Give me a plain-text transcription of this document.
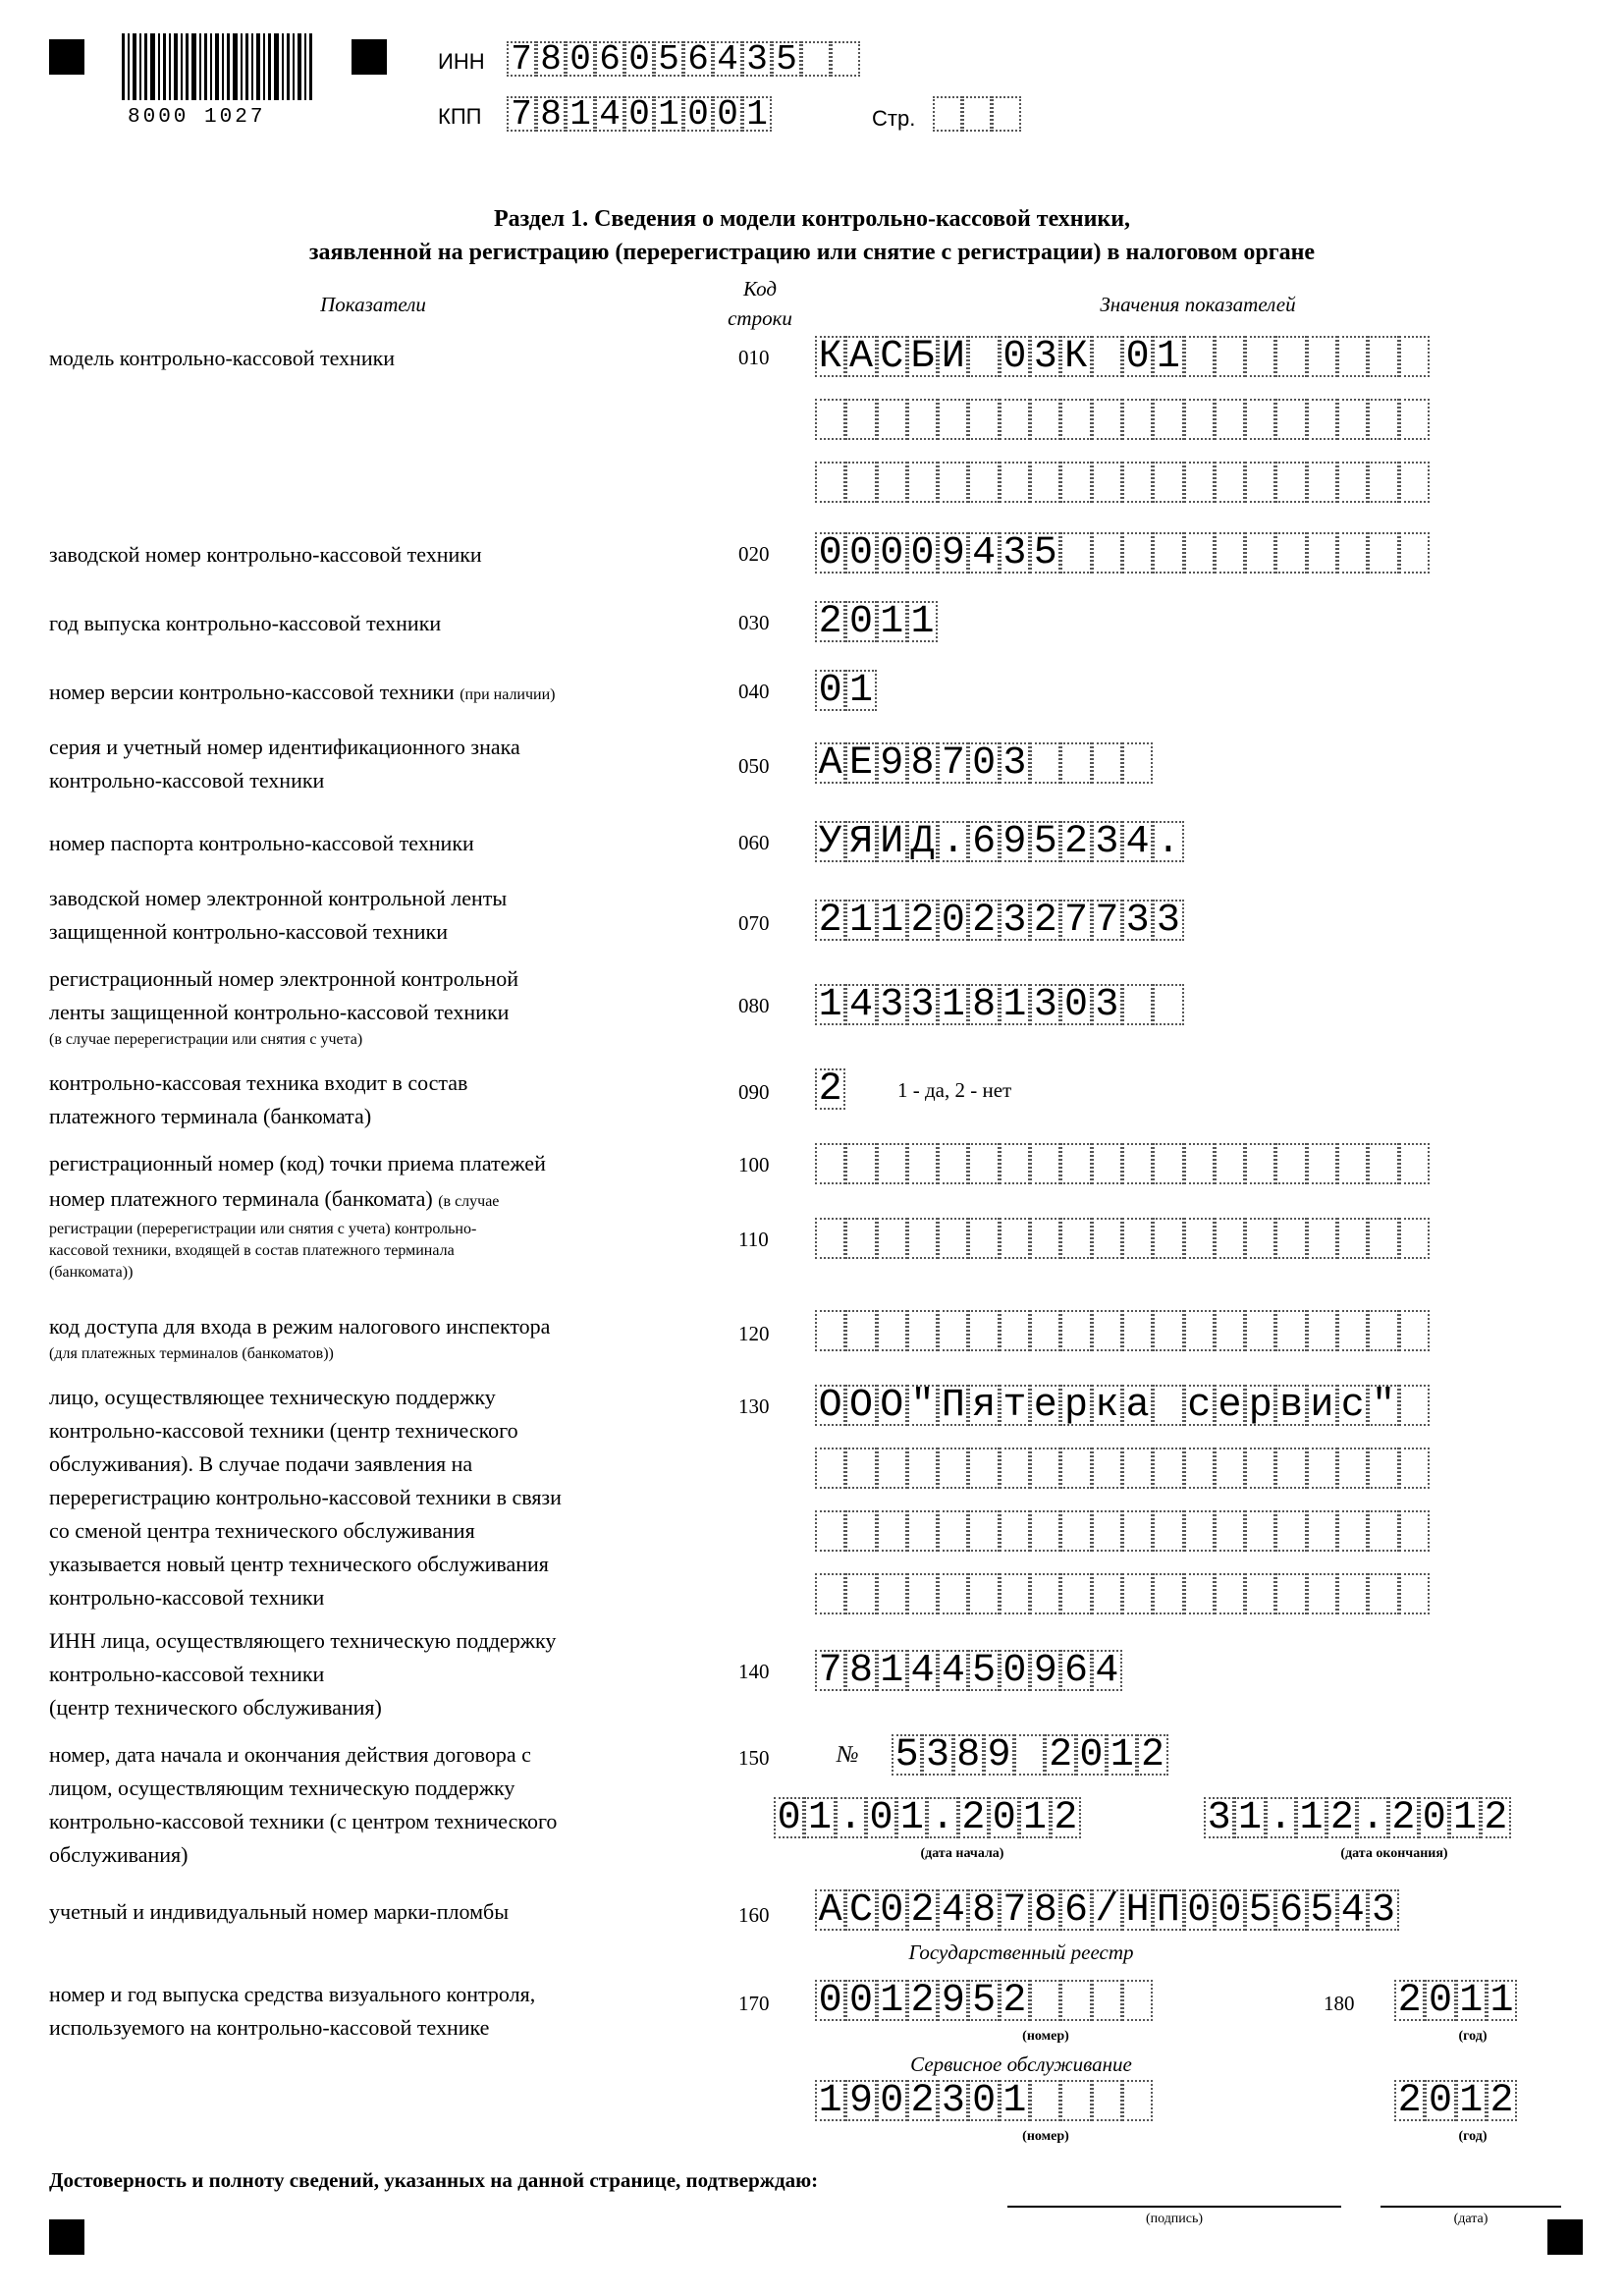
8000 1027
ИНН 7 8 0 6 0 5 6 4 3 5
КПП 7 8 1 4 0 1 0 0 1	Стр.
Раздел 1. Сведения о модели контрольно-кассовой техники,
заявленной на регистрацию (перерегистрацию или снятие с регистрации) в налоговом органе
Показатели
Код
строки
Значения показателей
модель контрольно-кассовой техники	010 К А С Б И 0 3 К 0 1
заводской номер контрольно-кассовой техники	020 0 0 0 0 9 4 3 5
год выпуска контрольно-кассовой техники	030 2 0 1 1
номер версии контрольно-кассовой техники (при наличии)	040 0 1
серия и учетный номер идентификационного знака
контрольно-кассовой техники
050 А Е 9 8 7 0 3
номер паспорта контрольно-кассовой техники	060 У Я И Д . 6 9 5 2 3 4 .
заводской номер электронной контрольной ленты
защищенной контрольно-кассовой техники	070 2 1 1 2 0 2 3 2 7 7 3 3
регистрационный номер электронной контрольной
ленты защищенной контрольно-кассовой техники
(в случае перерегистрации или снятия с учета)
080 1 4 3 3 1 8 1 3 0 3
контрольно-кассовая техника входит в состав
платежного терминала (банкомата)
090 2	1 - да, 2 - нет
регистрационный номер (код) точки приема платежей	100
номер платежного терминала (банкомата) (в случае
регистрации (перерегистрации или снятия с учета) контрольно-
кассовой техники, входящей в состав платежного терминала
(банкомата))
110
код доступа для входа в режим налогового инспектора
(для платежных терминалов (банкоматов))
120
лицо, осуществляющее техническую поддержку
контрольно-кассовой техники (центр технического
обслуживания). В случае подачи заявления на
перерегистрацию контрольно-кассовой техники в связи
со сменой центра технического обслуживания
указывается новый центр технического обслуживания
контрольно-кассовой техники
130 О О О " П я т е р к а с е р в и с "
ИНН лица, осуществляющего техническую поддержку
контрольно-кассовой техники
(центр технического обслуживания)
140 7 8 1 4 4 5 0 9 6 4
номер, дата начала и окончания действия договора с
лицом, осуществляющим техническую поддержку
контрольно-кассовой техники (с центром технического
обслуживания)
150	№ 5 3 8 9 2 0 1 2
0 1 . 0 1 . 2 0 1 2	3 1 . 1 2 . 2 0 1 2
(дата начала)	(дата окончания)
учетный и индивидуальный номер марки-пломбы	160 А С 0 2 4 8 7 8 6 / Н П 0 0 5 6 5 4 3
Государственный реестр
номер и год выпуска средства визуального контроля,
используемого на контрольно-кассовой технике
170 0 0 1 2 9 5 2
(номер)
180 2 0 1 1
(год)
Сервисное обслуживание
1 9 0 2 3 0 1	2 0 1 2
(номер)	(год)
Достоверность и полноту сведений, указанных на данной странице, подтверждаю:
(подпись)	(дата)
